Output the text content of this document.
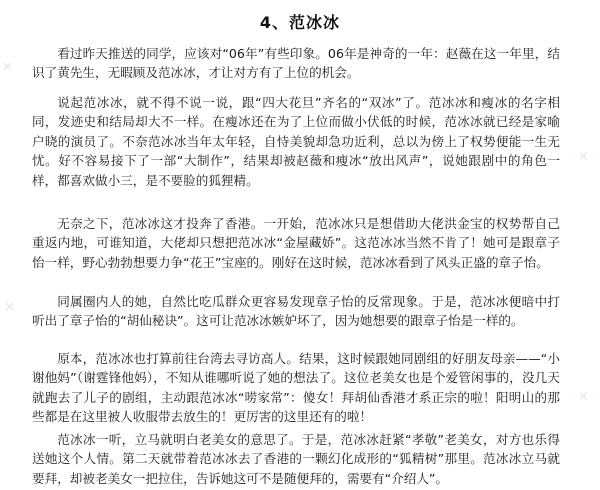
4、范冰冰

看过昨天推送的同学，应该对“06年”有些印象。06年是神奇的一年：赵薇在这一年里，结识了黄先生，无暇顾及范冰冰，才让对方有了上位的机会。

说起范冰冰，就不得不说一说，跟“四大花旦”齐名的“双冰”了。范冰冰和瘦冰的名字相同，发迹史和结局却大不一样。在瘦冰还在为了上位而做小伏低的时候，范冰冰就已经是家喻户晓的演员了。不奈范冰冰当年太年轻，自恃美貌却急功近利，总以为傍上了权势便能一生无忧。好不容易接下了一部“大制作”，结果却被赵薇和瘦冰“放出风声”，说她跟剧中的角色一样，都喜欢做小三，是不要脸的狐狸精。

无奈之下，范冰冰这才投奔了香港。一开始，范冰冰只是想借助大佬洪金宝的权势帮自己重返内地，可谁知道，大佬却只想把范冰冰“金屋藏娇”。这范冰冰当然不肯了！她可是跟章子怡一样，野心勃勃想要力争“花王”宝座的。刚好在这时候，范冰冰看到了风头正盛的章子怡。

同属圈内人的她，自然比吃瓜群众更容易发现章子怡的反常现象。于是，范冰冰便暗中打听出了章子怡的“胡仙秘诀”。这可让范冰冰嫉妒坏了，因为她想要的跟章子怡是一样的。

原本，范冰冰也打算前往台湾去寻访高人。结果，这时候跟她同剧组的好朋友母亲——“小谢他妈”（谢霆锋他妈），不知从谁哪听说了她的想法了。这位老美女也是个爱管闲事的，没几天就跑去了儿子的剧组，主动跟范冰冰“唠家常”：傻女！拜胡仙香港才系正宗的啦！阳明山的那些都是在这里被人收服带去放生的！更厉害的这里还有的啦！

范冰冰一听，立马就明白老美女的意思了。于是，范冰冰赶紧“孝敬”老美女，对方也乐得送她这个人情。第二天就带着范冰冰去了香港的一颗幻化成形的“狐精树”那里。范冰冰立马就要拜，却被老美女一把拉住，告诉她这可不是随便拜的，需要有“介绍人”。

✕
✕
✕
✕
